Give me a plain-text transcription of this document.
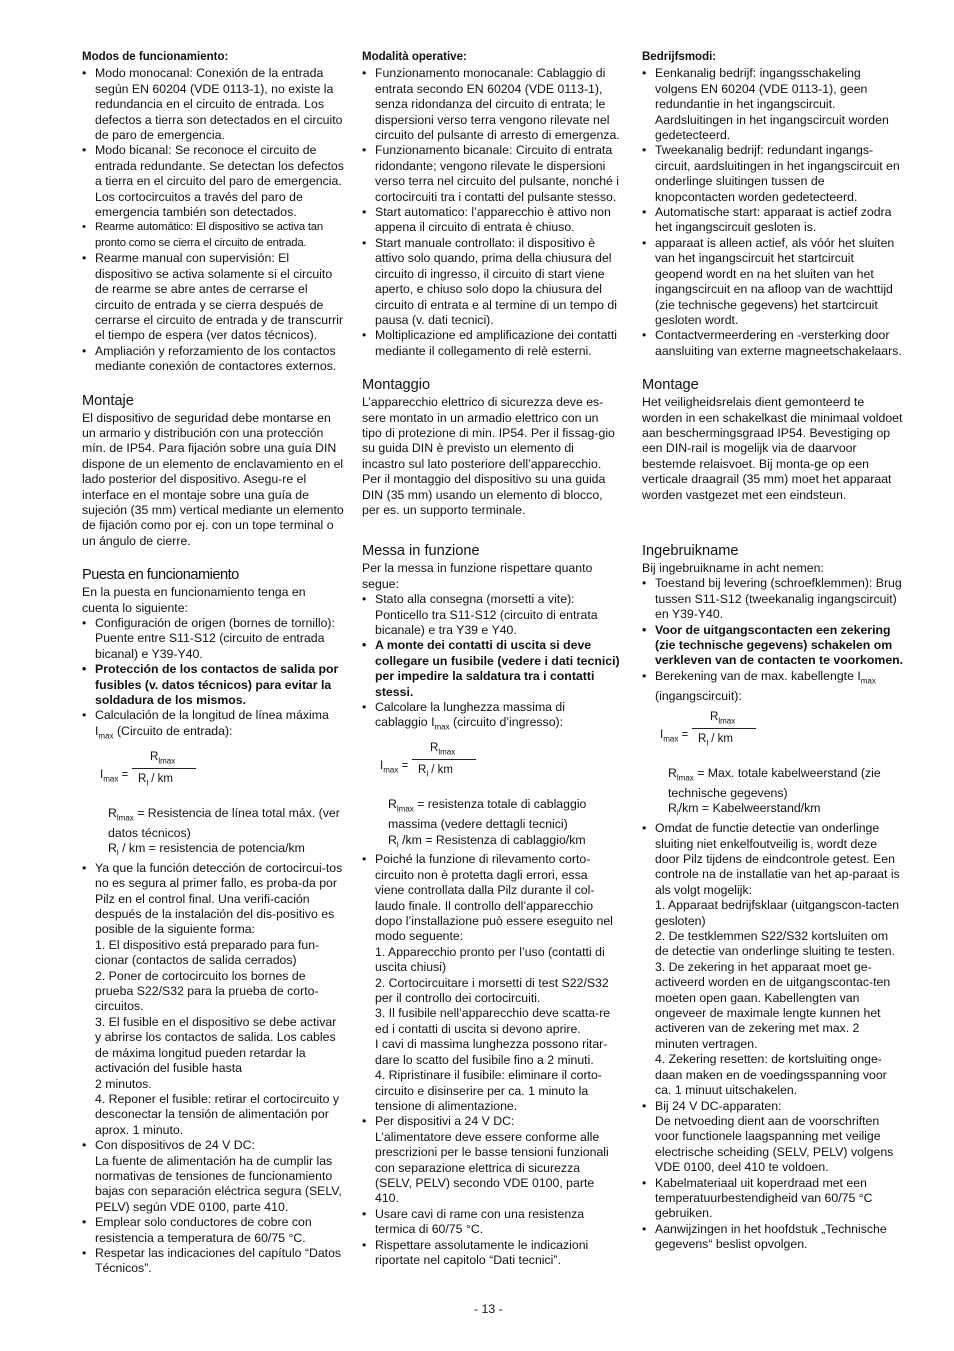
Modos de funcionamiento:

• Modo monocanal: Conexión de la entrada según EN 60204 (VDE 0113-1), no existe la redundancia en el circuito de entrada. Los defectos a tierra son detectados en el circuito de paro de emergencia.
• Modo bicanal: Se reconoce el circuito de entrada redundante. Se detectan los defectos a tierra en el circuito del paro de emergencia. Los cortocircuitos a través del paro de emergencia también son detectados.
• Rearme automático: El dispositivo se activa tan pronto como se cierra el circuito de entrada.
• Rearme manual con supervisión: El dispositivo se activa solamente si el circuito de rearme se abre antes de cerrarse el circuito de entrada y se cierra después de cerrarse el circuito de entrada y de transcurrir el tiempo de espera (ver datos técnicos).
• Ampliación y reforzamiento de los contactos mediante conexión de contactores externos.
Montaje

El dispositivo de seguridad debe montarse en un armario y distribución con una protección mín. de IP54. Para fijación sobre una guía DIN dispone de un elemento de enclavamiento en el lado posterior del dispositivo. Asegu-re el interface en el montaje sobre una guía de sujeción (35 mm) vertical mediante un elemento de fijación como por ej. con un tope terminal o un ángulo de cierre.

Puesta en funcionamiento

En la puesta en funcionamiento tenga en cuenta lo siguiente:

• Configuración de origen (bornes de tornillo): Puente entre S11-S12 (circuito de entrada bicanal) e Y39-Y40.
• Protección de los contactos de salida por fusibles (v. datos técnicos) para evitar la soldadura de los mismos.
• Calculación de la longitud de línea máxima $I_{max}$ (Circuito de entrada):
$I_{max}$ =
$R_{lmax}$
$R_l$ / km

$R_{lmax}$ = Resistencia de línea total máx. (ver datos técnicos)

$R_l$ / km = resistencia de potencia/km

• Ya que la función detección de cortocircui-tos no es segura al primer fallo, es proba-da por Pilz en el control final. Una verifi-cación después de la instalación del dis-positivo es posible de la siguiente forma:
1. El dispositivo está preparado para fun-cionar (contactos de salida cerrados)
2. Poner de cortocircuito los bornes de prueba S22/S32 para la prueba de corto-circuitos.
3. El fusible en el dispositivo se debe activar y abrirse los contactos de salida. Los cables de máxima longitud pueden retardar la activación del fusible hasta
2 minutos.
4. Reponer el fusible: retirar el cortocircuito y desconectar la tensión de alimentación por aprox. 1 minuto.
• Con dispositivos de 24 V DC:
La fuente de alimentación ha de cumplir las normativas de tensiones de funcionamiento bajas con separación eléctrica segura (SELV, PELV) según VDE 0100, parte 410.
• Emplear solo conductores de cobre con resistencia a temperatura de 60/75 °C.
• Respetar las indicaciones del capítulo “Datos Técnicos”.

Modalità operative:

• Funzionamento monocanale: Cablaggio di entrata secondo EN 60204 (VDE 0113-1), senza ridondanza del circuito di entrata; le dispersioni verso terra vengono rilevate nel circuito del pulsante di arresto di emergenza.
• Funzionamento bicanale: Circuito di entrata ridondante; vengono rilevate le dispersioni verso terra nel circuito del pulsante, nonché i cortocircuiti tra i contatti del pulsante stesso.
• Start automatico: l’apparecchio è attivo non appena il circuito di entrata è chiuso.
• Start manuale controllato: il dispositivo è attivo solo quando, prima della chiusura del circuito di ingresso, il circuito di start viene aperto, e chiuso solo dopo la chiusura del circuito di entrata e al termine di un tempo di pausa (v. dati tecnici).
• Moltiplicazione ed amplificazione dei contatti mediante il collegamento di relè esterni.
Montaggio

L’apparecchio elettrico di sicurezza deve es-sere montato in un armadio elettrico con un tipo di protezione di min. IP54. Per il fissag-gio su guida DIN è previsto un elemento di incastro sul lato posteriore dell’apparecchio.
Per il montaggio del dispositivo su una guida DIN (35 mm) usando un elemento di blocco, per es. un supporto terminale.

Messa in funzione

Per la messa in funzione rispettare quanto segue:

• Stato alla consegna (morsetti a vite): Ponticello tra S11-S12 (circuito di entrata bicanale) e tra Y39 e Y40.
• A monte dei contatti di uscita si deve collegare un fusibile (vedere i dati tecnici) per impedire la saldatura tra i contatti stessi.
• Calcolare la lunghezza massima di cablaggio $I_{max}$ (circuito d’ingresso):
$I_{max}$ =
$R_{lmax}$
$R_l$ / km

$R_{lmax}$ = resistenza totale di cablaggio massima (vedere dettagli tecnici)

$R_l$ /km = Resistenza di cablaggio/km

• Poiché la funzione di rilevamento corto-circuito non è protetta dagli errori, essa viene controllata dalla Pilz durante il col-laudo finale. Il controllo dell’apparecchio dopo l’installazione può essere eseguito nel modo seguente:
1. Apparecchio pronto per l’uso (contatti di uscita chiusi)
2. Cortocircuitare i morsetti di test S22/S32 per il controllo dei cortocircuiti.
3. Il fusibile nell’apparecchio deve scatta-re ed i contatti di uscita si devono aprire.
I cavi di massima lunghezza possono ritar-dare lo scatto del fusibile fino a 2 minuti.
4. Ripristinare il fusibile: eliminare il corto-circuito e disinserire per ca. 1 minuto la tensione di alimentazione.
• Per dispositivi a 24 V DC:
L’alimentatore deve essere conforme alle prescrizioni per le basse tensioni funzionali con separazione elettrica di sicurezza (SELV, PELV) secondo VDE 0100, parte 410.
• Usare cavi di rame con una resistenza termica di 60/75 °C.
• Rispettare assolutamente le indicazioni riportate nel capitolo “Dati tecnici”.

Bedrijfsmodi:

• Eenkanalig bedrijf: ingangsschakeling volgens EN 60204 (VDE 0113-1), geen redundantie in het ingangscircuit. Aardsluitingen in het ingangscircuit worden gedetecteerd.
• Tweekanalig bedrijf: redundant ingangs-circuit, aardsluitingen in het ingangscircuit en onderlinge sluitingen tussen de knopcontacten worden gedetecteerd.
• Automatische start: apparaat is actief zodra het ingangscircuit gesloten is.
• apparaat is alleen actief, als vóór het sluiten van het ingangscircuit het startcircuit geopend wordt en na het sluiten van het ingangscircuit en na afloop van de wachttijd (zie technische gegevens) het startcircuit gesloten wordt.
• Contactvermeerdering en -versterking door aansluiting van externe magneetschakelaars.
Montage

Het veiligheidsrelais dient gemonteerd te worden in een schakelkast die minimaal voldoet aan beschermingsgraad IP54. Bevestiging op een DIN-rail is mogelijk via de daarvoor bestemde relaisvoet. Bij monta-ge op een verticale draagrail (35 mm) moet het apparaat worden vastgezet met een eindsteun.

Ingebruikname

Bij ingebruikname in acht nemen:

• Toestand bij levering (schroefklemmen): Brug tussen S11-S12 (tweekanalig ingangscircuit) en Y39-Y40.
• Voor de uitgangscontacten een zekering (zie technische gegevens) schakelen om verkleven van de contacten te voorkomen.
• Berekening van de max. kabellengte $I_{max}$ (ingangscircuit):
$I_{max}$ =
$R_{lmax}$
$R_l$ / km

$R_{lmax}$ = Max. totale kabelweerstand (zie technische gegevens)

$R_l/km$ = Kabelweerstand/km

• Omdat de functie detectie van onderlinge sluiting niet enkelfoutveilig is, wordt deze door Pilz tijdens de eindcontrole getest. Een controle na de installatie van het ap-paraat is als volgt mogelijk:
1. Apparaat bedrijfsklaar (uitgangscon-tacten gesloten)
2. De testklemmen S22/S32 kortsluiten om de detectie van onderlinge sluiting te testen.
3. De zekering in het apparaat moet ge-activeerd worden en de uitgangscontac-ten moeten open gaan. Kabellengten van ongeveer de maximale lengte kunnen het activeren van de zekering met max. 2 minuten vertragen.
4. Zekering resetten: de kortsluiting onge-daan maken en de voedingsspanning voor ca. 1 minuut uitschakelen.
• Bij 24 V DC-apparaten:
De netvoeding dient aan de voorschriften voor functionele laagspanning met veilige electrische scheiding (SELV, PELV) volgens VDE 0100, deel 410 te voldoen.
• Kabelmateriaal uit koperdraad met een temperatuurbestendigheid van 60/75 °C gebruiken.
• Aanwijzingen in het hoofdstuk „Technische gegevens“ beslist opvolgen.
- 13 -
